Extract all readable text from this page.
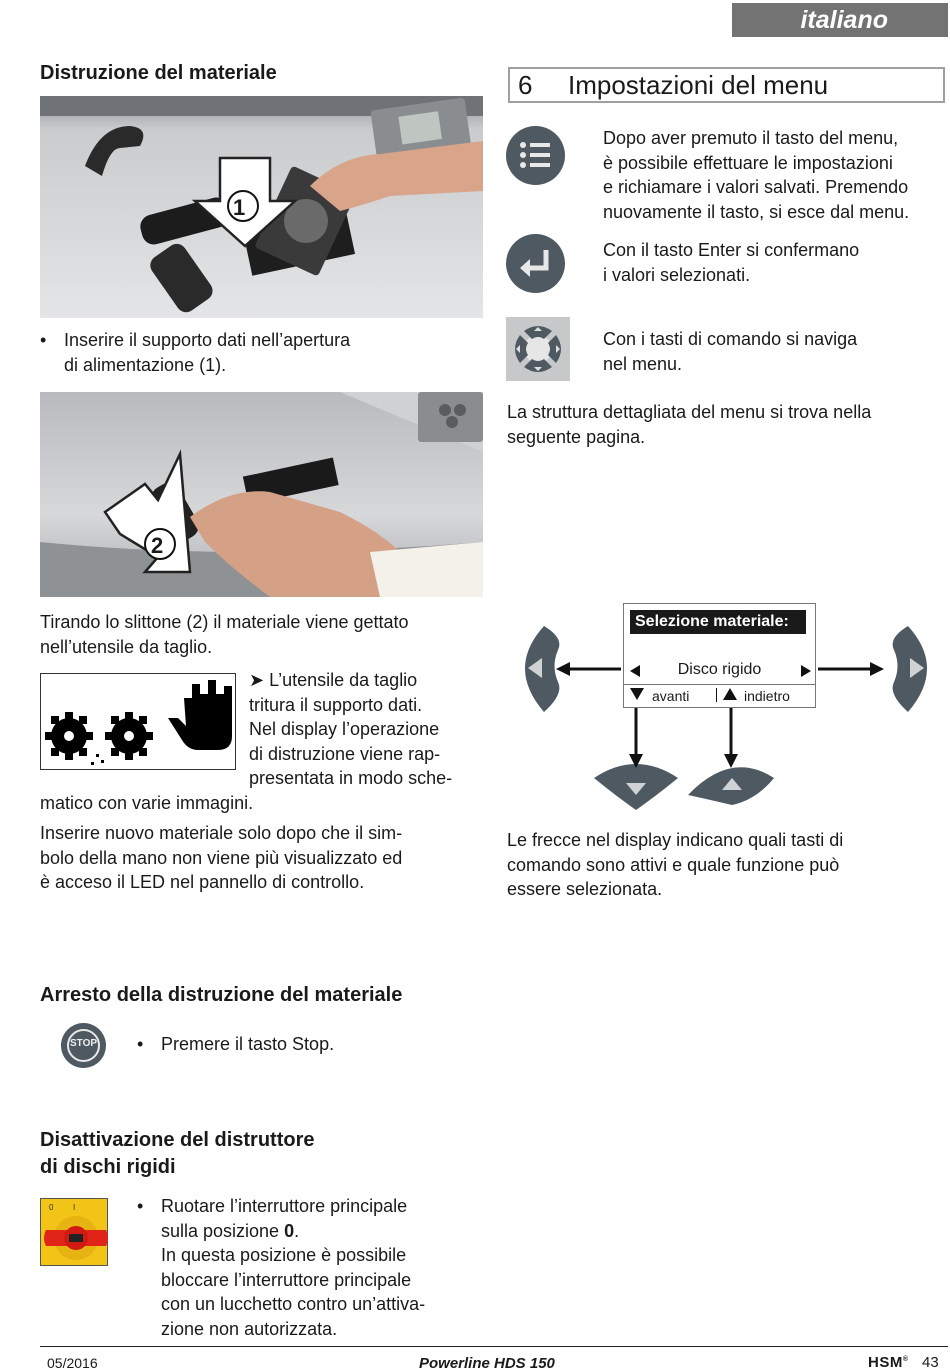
italiano
Distruzione del materiale
1
• Inserire il supporto dati nell’apertura
di alimentazione (1).
2
Tirando lo slittone (2) il materiale viene gettato
nell’utensile da taglio.
➤ L’utensile da taglio
tritura il supporto dati.
Nel display l’operazione
di distruzione viene rap-
presentata in modo sche-
matico con varie immagini.
Inserire nuovo materiale solo dopo che il sim-
bolo della mano non viene più visualizzato ed
è acceso il LED nel pannello di controllo.
Arresto della distruzione del materiale
STOP	• Premere il tasto Stop.
Disattivazione del distruttore
di dischi rigidi
0 I	• Ruotare l’interruttore principale
sulla posizione 0.
In questa posizione è possibile
bloccare l’interruttore principale
con un lucchetto contro un’attiva-
zione non autorizzata.
6 Impostazioni del menu
Dopo aver premuto il tasto del menu,
è possibile effettuare le impostazioni
e richiamare i valori salvati. Premendo
nuovamente il tasto, si esce dal menu.
Con il tasto Enter si confermano
i valori selezionati.
Con i tasti di comando si naviga
nel menu.
La struttura dettagliata del menu si trova nella
seguente pagina.
Selezione materiale:
Disco rigido
avanti	indietro
Le frecce nel display indicano quali tasti di
comando sono attivi e quale funzione può
essere selezionata.
05/2016	Powerline HDS 150	HSM® 43
